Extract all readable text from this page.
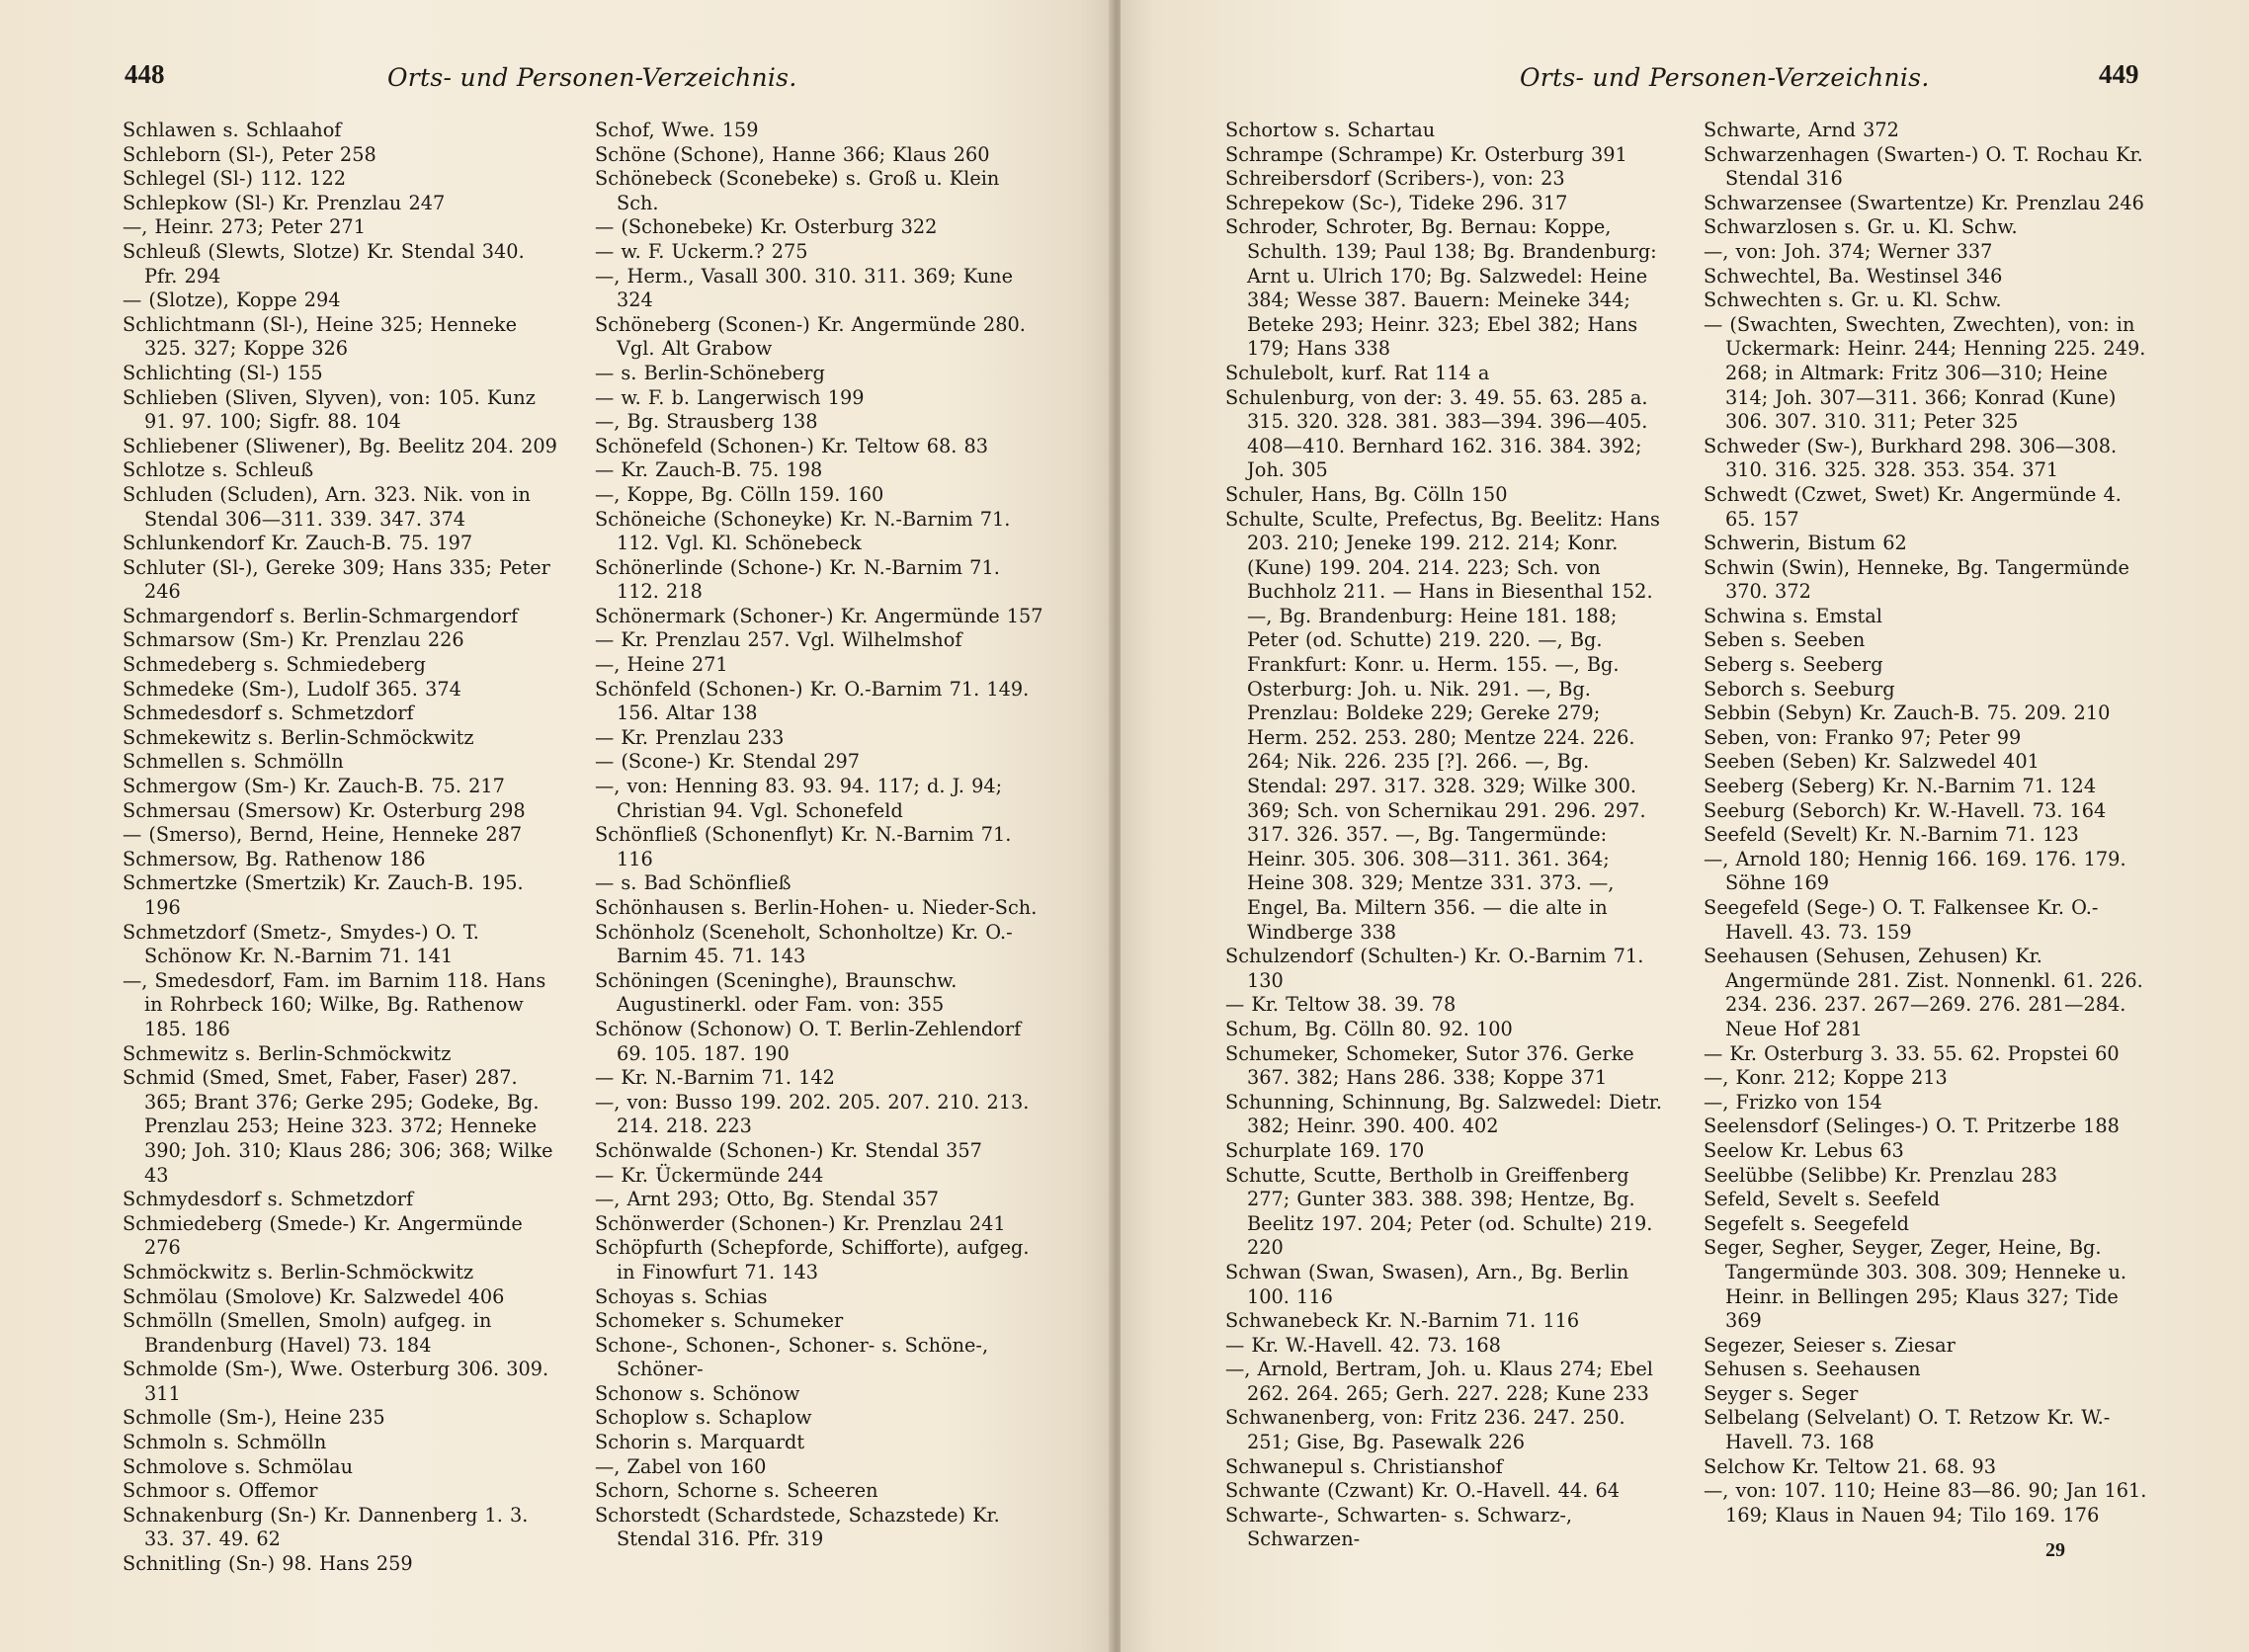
448	Orts- und Personen-Verzeichnis.
Schlawen s. Schlaahof
Schleborn (Sl-), Peter 258
Schlegel (Sl-) 112. 122
Schlepkow (Sl-) Kr. Prenzlau 247
—, Heinr. 273; Peter 271
Schleuß (Slewts, Slotze) Kr. Stendal 340. Pfr. 294
— (Slotze), Koppe 294
Schlichtmann (Sl-), Heine 325; Henneke 325. 327; Koppe 326
Schlichting (Sl-) 155
Schlieben (Sliven, Slyven), von: 105. Kunz 91. 97. 100; Sigfr. 88. 104
Schliebener (Sliwener), Bg. Beelitz 204. 209
Schlotze s. Schleuß
Schluden (Scluden), Arn. 323. Nik. von in Stendal 306—311. 339. 347. 374
Schlunkendorf Kr. Zauch-B. 75. 197
Schluter (Sl-), Gereke 309; Hans 335; Peter 246
Schmargendorf s. Berlin-Schmargendorf
Schmarsow (Sm-) Kr. Prenzlau 226
Schmedeberg s. Schmiedeberg
Schmedeke (Sm-), Ludolf 365. 374
Schmedesdorf s. Schmetzdorf
Schmekewitz s. Berlin-Schmöckwitz
Schmellen s. Schmölln
Schmergow (Sm-) Kr. Zauch-B. 75. 217
Schmersau (Smersow) Kr. Osterburg 298
— (Smerso), Bernd, Heine, Henneke 287
Schmersow, Bg. Rathenow 186
Schmertzke (Smertzik) Kr. Zauch-B. 195. 196
Schmetzdorf (Smetz-, Smydes-) O. T. Schönow Kr. N.-Barnim 71. 141
—, Smedesdorf, Fam. im Barnim 118. Hans in Rohrbeck 160; Wilke, Bg. Rathenow 185. 186
Schmewitz s. Berlin-Schmöckwitz
Schmid (Smed, Smet, Faber, Faser) 287. 365; Brant 376; Gerke 295; Godeke, Bg. Prenzlau 253; Heine 323. 372; Henneke 390; Joh. 310; Klaus 286; 306; 368; Wilke 43
Schmydesdorf s. Schmetzdorf
Schmiedeberg (Smede-) Kr. Angermünde 276
Schmöckwitz s. Berlin-Schmöckwitz
Schmölau (Smolove) Kr. Salzwedel 406
Schmölln (Smellen, Smoln) aufgeg. in Brandenburg (Havel) 73. 184
Schmolde (Sm-), Wwe. Osterburg 306. 309. 311
Schmolle (Sm-), Heine 235
Schmoln s. Schmölln
Schmolove s. Schmölau
Schmoor s. Offemor
Schnakenburg (Sn-) Kr. Dannenberg 1. 3. 33. 37. 49. 62
Schnitling (Sn-) 98. Hans 259
Schof, Wwe. 159
Schöne (Schone), Hanne 366; Klaus 260
Schönebeck (Sconebeke) s. Groß u. Klein Sch.
— (Schonebeke) Kr. Osterburg 322
— w. F. Uckerm.? 275
—, Herm., Vasall 300. 310. 311. 369; Kune 324
Schöneberg (Sconen-) Kr. Angermünde 280. Vgl. Alt Grabow
— s. Berlin-Schöneberg
— w. F. b. Langerwisch 199
—, Bg. Strausberg 138
Schönefeld (Schonen-) Kr. Teltow 68. 83
— Kr. Zauch-B. 75. 198
—, Koppe, Bg. Cölln 159. 160
Schöneiche (Schoneyke) Kr. N.-Barnim 71. 112. Vgl. Kl. Schönebeck
Schönerlinde (Schone-) Kr. N.-Barnim 71. 112. 218
Schönermark (Schoner-) Kr. Angermünde 157
— Kr. Prenzlau 257. Vgl. Wilhelmshof
—, Heine 271
Schönfeld (Schonen-) Kr. O.-Barnim 71. 149. 156. Altar 138
— Kr. Prenzlau 233
— (Scone-) Kr. Stendal 297
—, von: Henning 83. 93. 94. 117; d. J. 94; Christian 94. Vgl. Schonefeld
Schönfließ (Schonenflyt) Kr. N.-Barnim 71. 116
— s. Bad Schönfließ
Schönhausen s. Berlin-Hohen- u. Nieder-Sch.
Schönholz (Sceneholt, Schonholtze) Kr. O.-Barnim 45. 71. 143
Schöningen (Sceninghe), Braunschw. Augustinerkl. oder Fam. von: 355
Schönow (Schonow) O. T. Berlin-Zehlendorf 69. 105. 187. 190
— Kr. N.-Barnim 71. 142
—, von: Busso 199. 202. 205. 207. 210. 213. 214. 218. 223
Schönwalde (Schonen-) Kr. Stendal 357
— Kr. Ückermünde 244
—, Arnt 293; Otto, Bg. Stendal 357
Schönwerder (Schonen-) Kr. Prenzlau 241
Schöpfurth (Schepforde, Schifforte), aufgeg. in Finowfurt 71. 143
Schoyas s. Schias
Schomeker s. Schumeker
Schone-, Schonen-, Schoner- s. Schöne-, Schöner-
Schonow s. Schönow
Schoplow s. Schaplow
Schorin s. Marquardt
—, Zabel von 160
Schorn, Schorne s. Scheeren
Schorstedt (Schardstede, Schazstede) Kr. Stendal 316. Pfr. 319
Orts- und Personen-Verzeichnis.	449
Schortow s. Schartau
Schrampe (Schrampe) Kr. Osterburg 391
Schreibersdorf (Scribers-), von: 23
Schrepekow (Sc-), Tideke 296. 317
Schroder, Schroter, Bg. Bernau: Koppe, Schulth. 139; Paul 138; Bg. Brandenburg: Arnt u. Ulrich 170; Bg. Salzwedel: Heine 384; Wesse 387. Bauern: Meineke 344; Beteke 293; Heinr. 323; Ebel 382; Hans 179; Hans 338
Schulebolt, kurf. Rat 114 a
Schulenburg, von der: 3. 49. 55. 63. 285 a. 315. 320. 328. 381. 383—394. 396—405. 408—410. Bernhard 162. 316. 384. 392; Joh. 305
Schuler, Hans, Bg. Cölln 150
Schulte, Scultе, Prefectus, Bg. Beelitz: Hans 203. 210; Jeneke 199. 212. 214; Konr. (Kune) 199. 204. 214. 223; Sch. von Buchholz 211. — Hans in Biesenthal 152. —, Bg. Brandenburg: Heine 181. 188; Peter (od. Schutte) 219. 220. —, Bg. Frankfurt: Konr. u. Herm. 155. —, Bg. Osterburg: Joh. u. Nik. 291. —, Bg. Prenzlau: Boldeke 229; Gereke 279; Herm. 252. 253. 280; Mentze 224. 226. 264; Nik. 226. 235 [?]. 266. —, Bg. Stendal: 297. 317. 328. 329; Wilke 300. 369; Sch. von Schernikau 291. 296. 297. 317. 326. 357. —, Bg. Tangermünde: Heinr. 305. 306. 308—311. 361. 364; Heine 308. 329; Mentze 331. 373. —, Engel, Ba. Miltern 356. — die alte in Windberge 338
Schulzendorf (Schulten-) Kr. O.-Barnim 71. 130
— Kr. Teltow 38. 39. 78
Schum, Bg. Cölln 80. 92. 100
Schumeker, Schomeker, Sutor 376. Gerke 367. 382; Hans 286. 338; Koppe 371
Schunning, Schinnung, Bg. Salzwedel: Dietr. 382; Heinr. 390. 400. 402
Schurplate 169. 170
Schutte, Scutte, Bertholb in Greiffenberg 277; Gunter 383. 388. 398; Hentze, Bg. Beelitz 197. 204; Peter (od. Schulte) 219. 220
Schwan (Swan, Swasen), Arn., Bg. Berlin 100. 116
Schwanebeck Kr. N.-Barnim 71. 116
— Kr. W.-Havell. 42. 73. 168
—, Arnold, Bertram, Joh. u. Klaus 274; Ebel 262. 264. 265; Gerh. 227. 228; Kune 233
Schwanenberg, von: Fritz 236. 247. 250. 251; Gise, Bg. Pasewalk 226
Schwanepul s. Christianshof
Schwante (Czwant) Kr. O.-Havell. 44. 64
Schwarte-, Schwarten- s. Schwarz-, Schwarzen-
Schwarte, Arnd 372
Schwarzenhagen (Swarten-) O. T. Rochau Kr. Stendal 316
Schwarzensee (Swartentze) Kr. Prenzlau 246
Schwarzlosen s. Gr. u. Kl. Schw.
—, von: Joh. 374; Werner 337
Schwechtel, Ba. Westinsel 346
Schwechten s. Gr. u. Kl. Schw.
— (Swachten, Swechten, Zwechten), von: in Uckermark: Heinr. 244; Henning 225. 249. 268; in Altmark: Fritz 306—310; Heine 314; Joh. 307—311. 366; Konrad (Kune) 306. 307. 310. 311; Peter 325
Schweder (Sw-), Burkhard 298. 306—308. 310. 316. 325. 328. 353. 354. 371
Schwedt (Czwet, Swet) Kr. Angermünde 4. 65. 157
Schwerin, Bistum 62
Schwin (Swin), Henneke, Bg. Tangermünde 370. 372
Schwina s. Emstal
Seben s. Seeben
Seberg s. Seeberg
Seborch s. Seeburg
Sebbin (Sebyn) Kr. Zauch-B. 75. 209. 210
Seben, von: Franko 97; Peter 99
Seeben (Seben) Kr. Salzwedel 401
Seeberg (Seberg) Kr. N.-Barnim 71. 124
Seeburg (Seborch) Kr. W.-Havell. 73. 164
Seefeld (Sevelt) Kr. N.-Barnim 71. 123
—, Arnold 180; Hennig 166. 169. 176. 179. Söhne 169
Seegefeld (Sege-) O. T. Falkensee Kr. O.-Havell. 43. 73. 159
Seehausen (Sehusen, Zehusen) Kr. Angermünde 281. Zist. Nonnenkl. 61. 226. 234. 236. 237. 267—269. 276. 281—284. Neue Hof 281
— Kr. Osterburg 3. 33. 55. 62. Propstei 60
—, Konr. 212; Koppe 213
—, Frizko von 154
Seelensdorf (Selinges-) O. T. Pritzerbe 188
Seelow Kr. Lebus 63
Seelübbe (Selibbe) Kr. Prenzlau 283
Sefeld, Sevelt s. Seefeld
Segefelt s. Seegefeld
Seger, Segher, Seyger, Zeger, Heine, Bg. Tangermünde 303. 308. 309; Henneke u. Heinr. in Bellingen 295; Klaus 327; Tide 369
Segezer, Seieser s. Ziesar
Sehusen s. Seehausen
Seyger s. Seger
Selbelang (Selvelant) O. T. Retzow Kr. W.-Havell. 73. 168
Selchow Kr. Teltow 21. 68. 93
—, von: 107. 110; Heine 83—86. 90; Jan 161. 169; Klaus in Nauen 94; Tilo 169. 176
29
